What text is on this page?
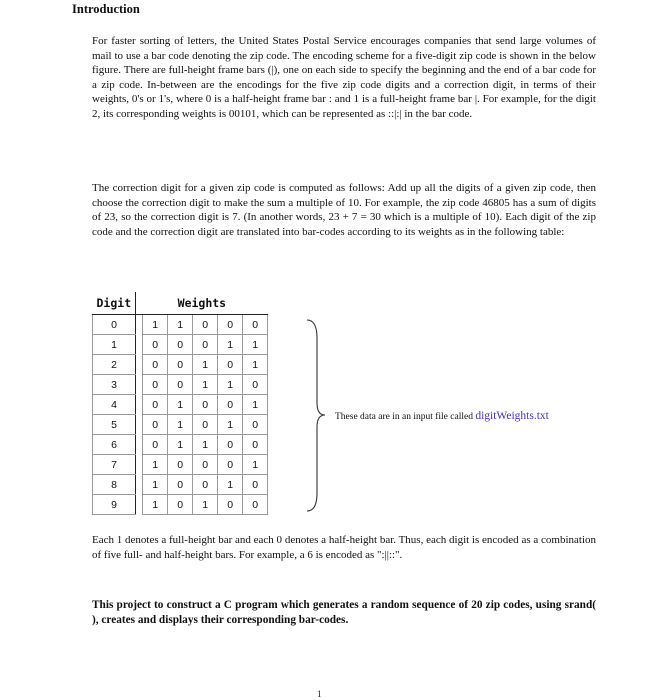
Introduction

For faster sorting of letters, the United States Postal Service encourages companies that send large volumes of mail to use a bar code denoting the zip code. The encoding scheme for a five-digit zip code is shown in the below figure. There are full-height frame bars (|), one on each side to specify the beginning and the end of a bar code for a zip code. In-between are the encodings for the five zip code digits and a correction digit, in terms of their weights, 0's or 1's, where 0 is a half-height frame bar : and 1 is a full-height frame bar |. For example, for the digit 2, its corresponding weights is 00101, which can be represented as ::|:| in the bar code.

The correction digit for a given zip code is computed as follows: Add up all the digits of a given zip code, then choose the correction digit to make the sum a multiple of 10. For example, the zip code 46805 has a sum of digits of 23, so the correction digit is 7. (In another words, 23 + 7 = 30 which is a multiple of 10). Each digit of the zip code and the correction digit are translated into bar-codes according to its weights as in the following table:

Digit	Weights					
0		1	1	0	0	0
1		0	0	0	1	1
2		0	0	1	0	1
3		0	0	1	1	0
4		0	1	0	0	1
5		0	1	0	1	0
6		0	1	1	0	0
7		1	0	0	0	1
8		1	0	0	1	0
9		1	0	1	0	0
These data are in an input file called digitWeights.txt

Each 1 denotes a full-height bar and each 0 denotes a half-height bar. Thus, each digit is encoded as a combination of five full- and half-height bars. For example, a 6 is encoded as ":||::".

This project to construct a C program which generates a random sequence of 20 zip codes, using srand( ), creates and displays their corresponding bar-codes.

1
